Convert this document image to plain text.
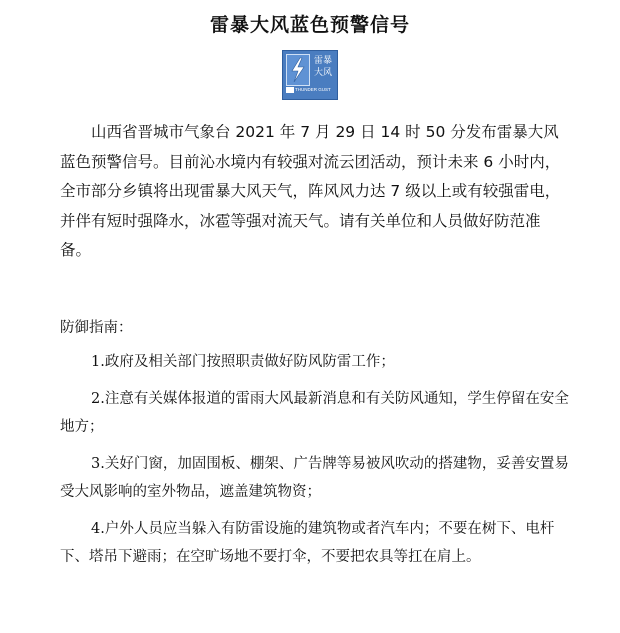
雷暴大风蓝色预警信号
雷暴大风
THUNDER GUST
山西省晋城市气象台 2021 年 7 月 29 日 14 时 50 分发布雷暴大风蓝色预警信号。目前沁水境内有较强对流云团活动，预计未来 6 小时内，全市部分乡镇将出现雷暴大风天气，阵风风力达 7 级以上或有较强雷电，并伴有短时强降水，冰雹等强对流天气。请有关单位和人员做好防范准备。
防御指南：
1.政府及相关部门按照职责做好防风防雷工作；
2.注意有关媒体报道的雷雨大风最新消息和有关防风通知，学生停留在安全地方；
3.关好门窗，加固围板、棚架、广告牌等易被风吹动的搭建物，妥善安置易受大风影响的室外物品，遮盖建筑物资；
4.户外人员应当躲入有防雷设施的建筑物或者汽车内；不要在树下、电杆下、塔吊下避雨；在空旷场地不要打伞，不要把农具等扛在肩上。
